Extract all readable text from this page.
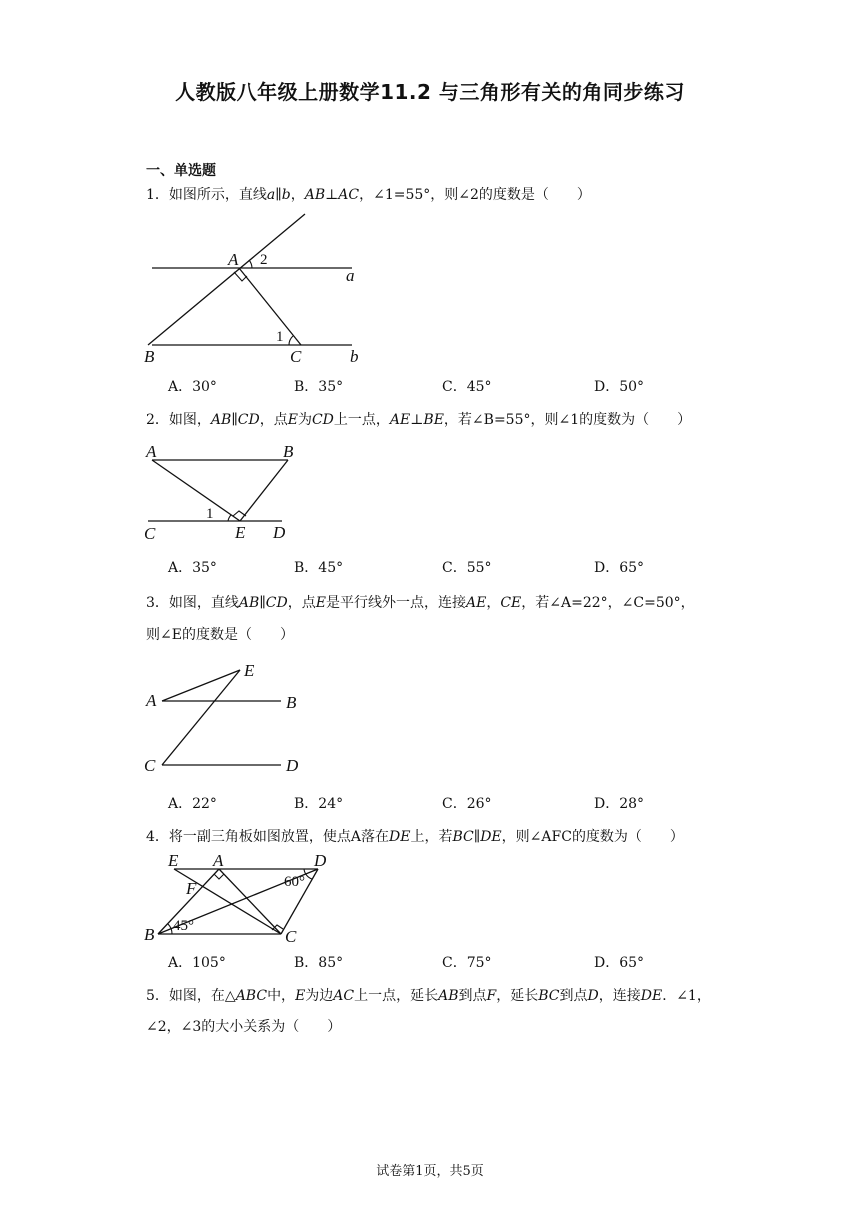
人教版八年级上册数学11.2 与三角形有关的角同步练习
一、单选题
1．如图所示，直线a∥b，AB⊥AC，∠1=55°，则∠2的度数是（　　）
A 2
a
1
B	C	b
A．30°	B．35°	C．45°	D．50°
2．如图，AB∥CD，点E为CD上一点，AE⊥BE，若∠B=55°，则∠1的度数为（　　）
A	B
1
C	E D
A．35°	B．45°	C．55°	D．65°
3．如图，直线AB∥CD，点E是平行线外一点，连接AE，CE，若∠A=22°，∠C=50°，
则∠E的度数是（　　）
E
A	B
C	D
A．22°	B．24°	C．26°	D．28°
4．将一副三角板如图放置，使点A落在DE上，若BC∥DE，则∠AFC的度数为（　　）
E A	D
F	60°
45°
B	C
A．105°	B．85°	C．75°	D．65°
5．如图，在△ABC中，E为边AC上一点，延长AB到点F，延长BC到点D，连接DE．∠1，
∠2，∠3的大小关系为（　　）
试卷第1页，共5页
